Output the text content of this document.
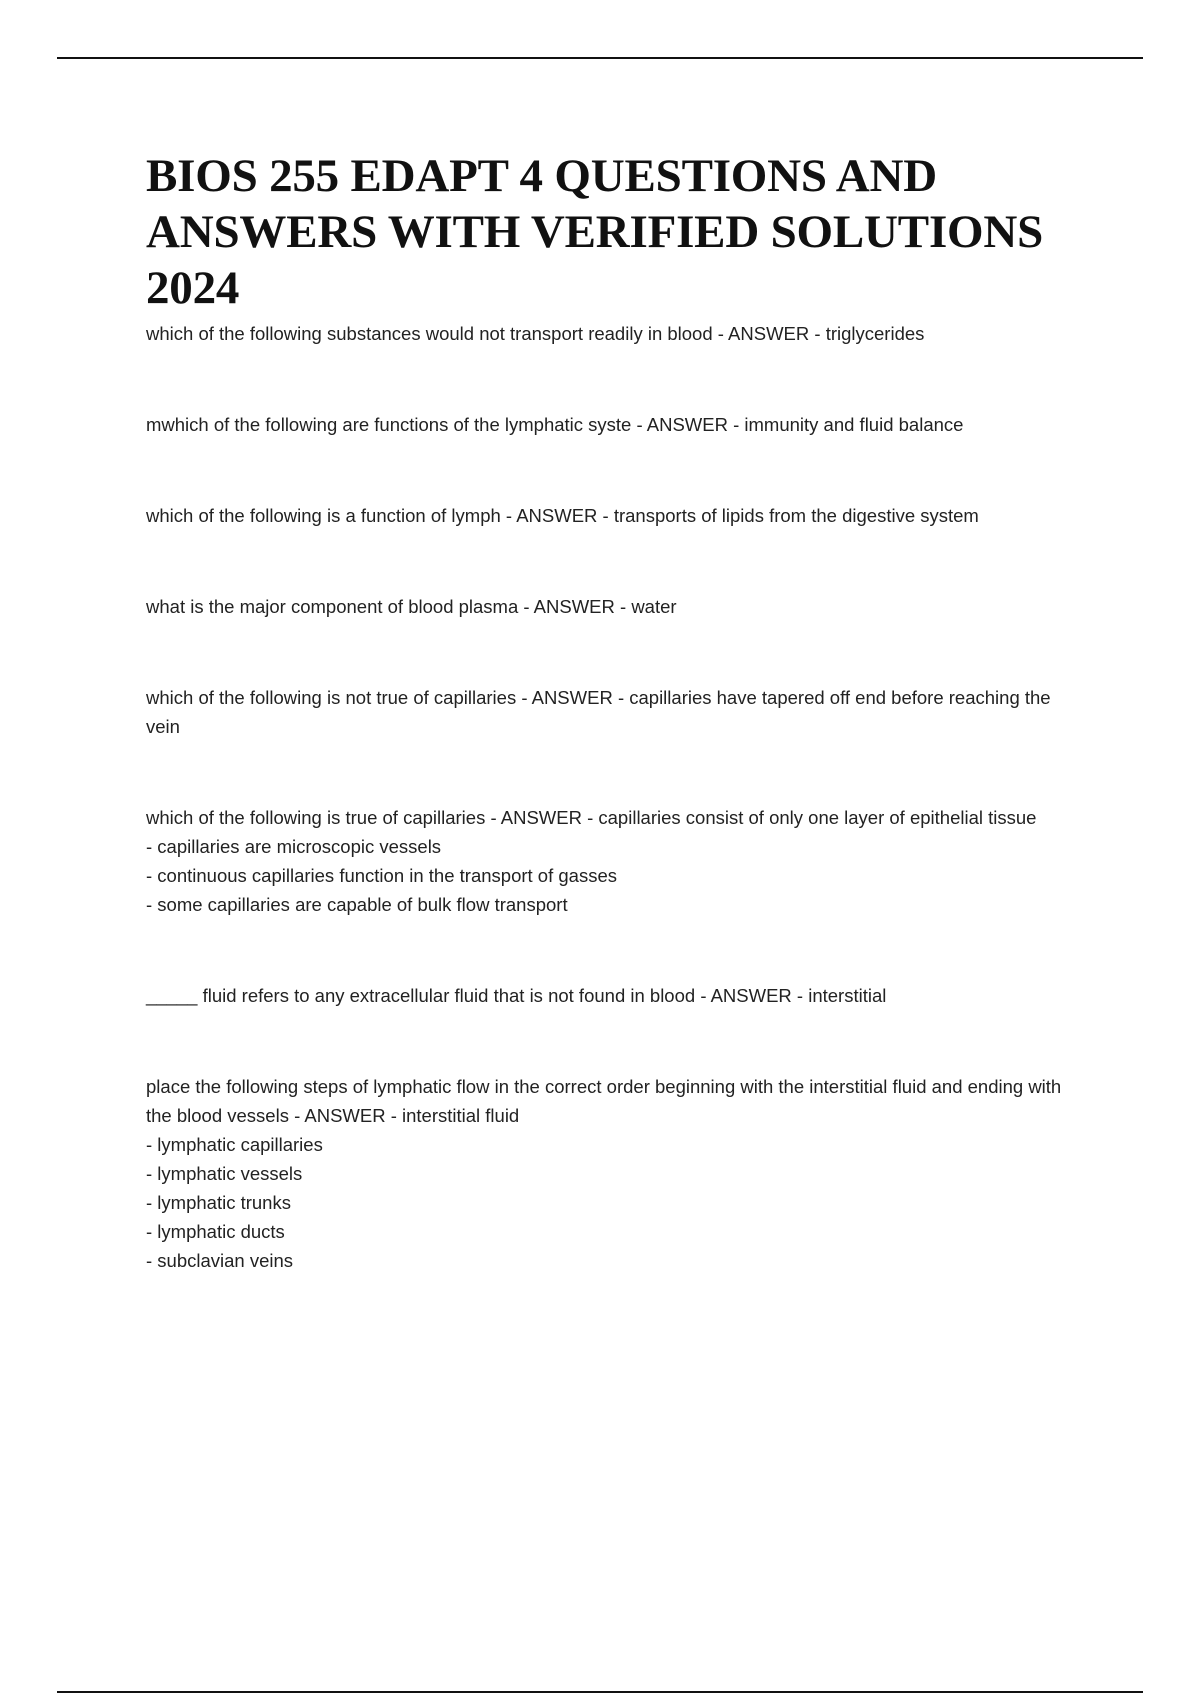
BIOS 255 EDAPT 4 QUESTIONS AND
ANSWERS WITH VERIFIED SOLUTIONS
2024

which of the following substances would not transport readily in blood - ANSWER - triglycerides

mwhich of the following are functions of the lymphatic syste - ANSWER - immunity and fluid balance

which of the following is a function of lymph - ANSWER - transports of lipids from the digestive system

what is the major component of blood plasma - ANSWER - water

which of the following is not true of capillaries - ANSWER - capillaries have tapered off end before reaching the vein

which of the following is true of capillaries - ANSWER - capillaries consist of only one layer of epithelial tissue

- capillaries are microscopic vessels

- continuous capillaries function in the transport of gasses

- some capillaries are capable of bulk flow transport

_____ fluid refers to any extracellular fluid that is not found in blood - ANSWER - interstitial

place the following steps of lymphatic flow in the correct order beginning with the interstitial fluid and ending with the blood vessels - ANSWER - interstitial fluid

- lymphatic capillaries

- lymphatic vessels

- lymphatic trunks

- lymphatic ducts

- subclavian veins
